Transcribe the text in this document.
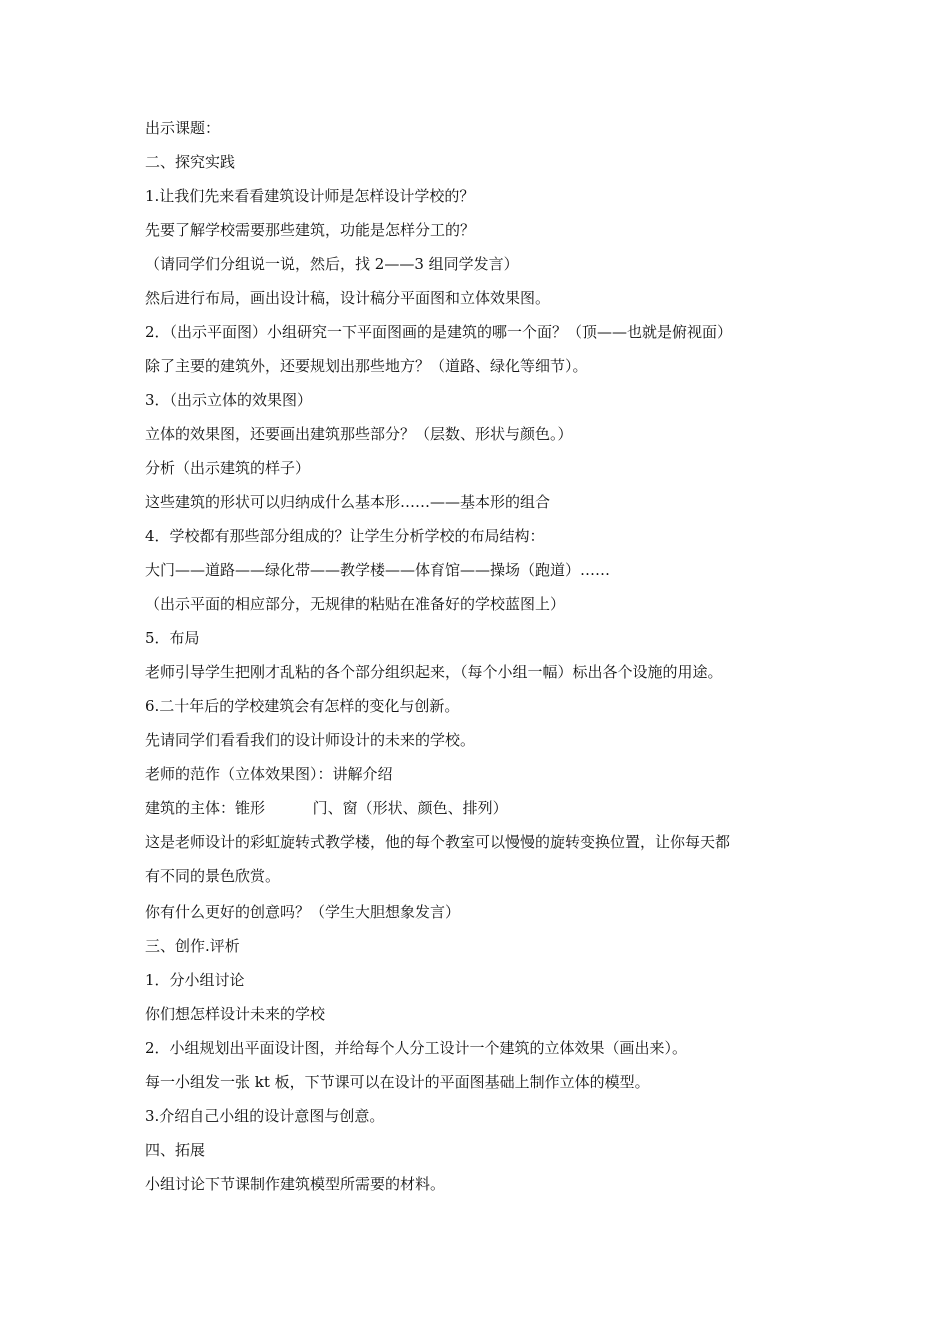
出示课题：
二、探究实践
1.让我们先来看看建筑设计师是怎样设计学校的？
先要了解学校需要那些建筑，功能是怎样分工的？
（请同学们分组说一说，然后，找 2——3 组同学发言）
然后进行布局，画出设计稿，设计稿分平面图和立体效果图。
2．（出示平面图）小组研究一下平面图画的是建筑的哪一个面？（顶——也就是俯视面）
除了主要的建筑外，还要规划出那些地方？（道路、绿化等细节）。
3．（出示立体的效果图）
立体的效果图，还要画出建筑那些部分？（层数、形状与颜色。）
分析（出示建筑的样子）
这些建筑的形状可以归纳成什么基本形……——基本形的组合
4．学校都有那些部分组成的？让学生分析学校的布局结构：
大门——道路——绿化带——教学楼——体育馆——操场（跑道）……
（出示平面的相应部分，无规律的粘贴在准备好的学校蓝图上）
5．布局
老师引导学生把刚才乱粘的各个部分组织起来，（每个小组一幅）标出各个设施的用途。
6.二十年后的学校建筑会有怎样的变化与创新。
先请同学们看看我们的设计师设计的未来的学校。
老师的范作（立体效果图）：讲解介绍
建筑的主体：锥形          门、窗（形状、颜色、排列）
这是老师设计的彩虹旋转式教学楼，他的每个教室可以慢慢的旋转变换位置，让你每天都
有不同的景色欣赏。
你有什么更好的创意吗？（学生大胆想象发言）
三、创作.评析
1．分小组讨论
你们想怎样设计未来的学校
2．小组规划出平面设计图，并给每个人分工设计一个建筑的立体效果（画出来）。
每一小组发一张 kt 板，下节课可以在设计的平面图基础上制作立体的模型。
3.介绍自己小组的设计意图与创意。
四、拓展
小组讨论下节课制作建筑模型所需要的材料。
